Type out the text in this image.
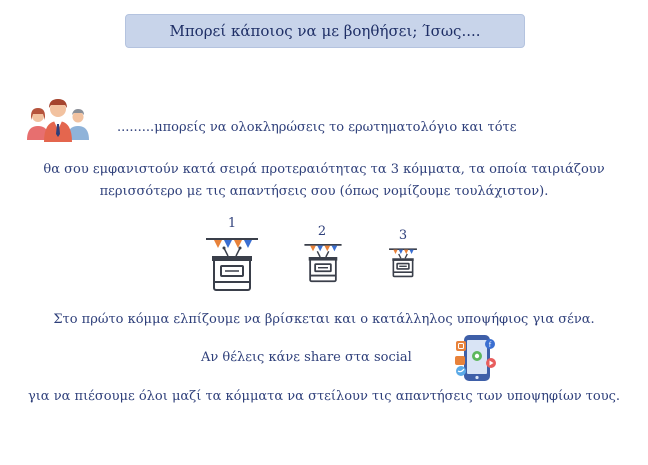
Μπορεί κάποιος να με βοηθήσει; Ίσως....
.........μπορείς να ολοκληρώσεις το ερωτηματολόγιο και τότε
θα σου εμφανιστούν κατά σειρά προτεραιότητας τα 3 κόμματα, τα οποία ταιριάζουν
περισσότερο με τις απαντήσεις σου (όπως νομίζουμε τουλάχιστον).
1
2	3
Στο πρώτο κόμμα ελπίζουμε να βρίσκεται και ο κατάλληλος υποψήφιος για σένα.
Αν θέλεις κάνε share στα social
f
για να πιέσουμε όλοι μαζί τα κόμματα να στείλουν τις απαντήσεις των υποψηφίων τους.
